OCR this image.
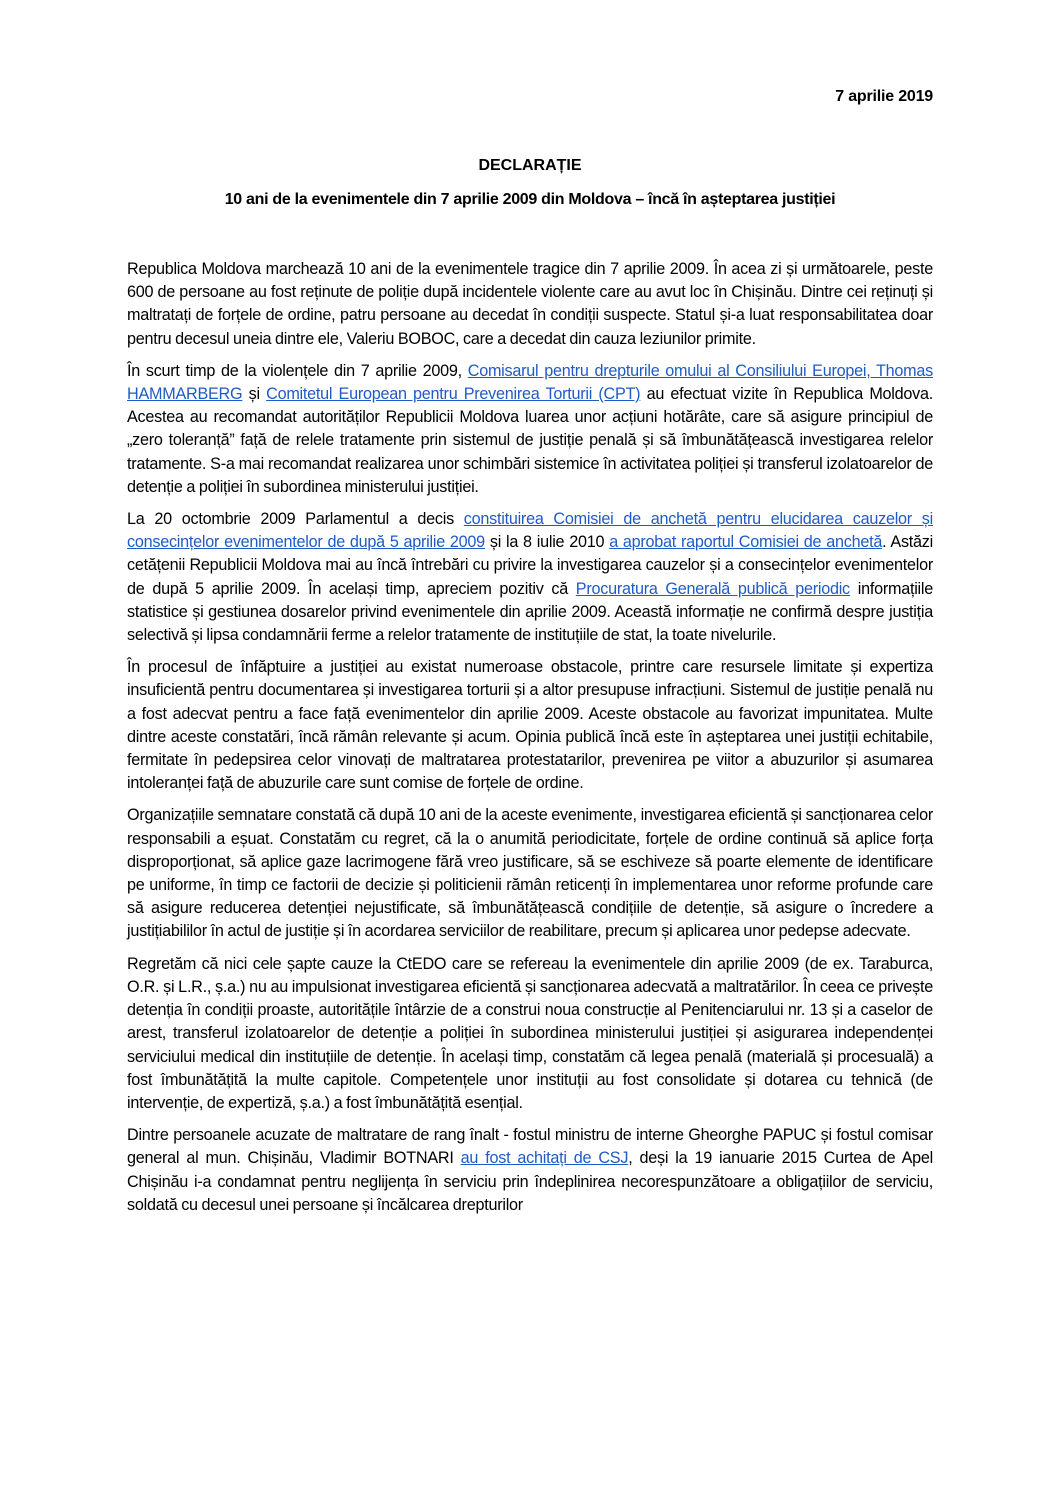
7 aprilie 2019
DECLARAȚIE
10 ani de la evenimentele din 7 aprilie 2009 din Moldova – încă în așteptarea justiției

Republica Moldova marchează 10 ani de la evenimentele tragice din 7 aprilie 2009. În acea zi și următoarele, peste 600 de persoane au fost reținute de poliție după incidentele violente care au avut loc în Chișinău. Dintre cei reținuți și maltratați de forțele de ordine, patru persoane au decedat în condiții suspecte. Statul și-a luat responsabilitatea doar pentru decesul uneia dintre ele, Valeriu BOBOC, care a decedat din cauza leziunilor primite.

În scurt timp de la violențele din 7 aprilie 2009, Comisarul pentru drepturile omului al Consiliului Europei, Thomas HAMMARBERG și Comitetul European pentru Prevenirea Torturii (CPT) au efectuat vizite în Republica Moldova. Acestea au recomandat autorităților Republicii Moldova luarea unor acțiuni hotărâte, care să asigure principiul de „zero toleranță” față de relele tratamente prin sistemul de justiție penală și să îmbunătățească investigarea relelor tratamente. S-a mai recomandat realizarea unor schimbări sistemice în activitatea poliției și transferul izolatoarelor de detenție a poliției în subordinea ministerului justiției.

La 20 octombrie 2009 Parlamentul a decis constituirea Comisiei de anchetă pentru elucidarea cauzelor și consecințelor evenimentelor de după 5 aprilie 2009 și la 8 iulie 2010 a aprobat raportul Comisiei de anchetă. Astăzi cetățenii Republicii Moldova mai au încă întrebări cu privire la investigarea cauzelor și a consecințelor evenimentelor de după 5 aprilie 2009. În același timp, apreciem pozitiv că Procuratura Generală publică periodic informațiile statistice și gestiunea dosarelor privind evenimentele din aprilie 2009. Această informație ne confirmă despre justiția selectivă și lipsa condamnării ferme a relelor tratamente de instituțiile de stat, la toate nivelurile.

În procesul de înfăptuire a justiției au existat numeroase obstacole, printre care resursele limitate și expertiza insuficientă pentru documentarea și investigarea torturii și a altor presupuse infracțiuni. Sistemul de justiție penală nu a fost adecvat pentru a face față evenimentelor din aprilie 2009. Aceste obstacole au favorizat impunitatea. Multe dintre aceste constatări, încă rămân relevante și acum. Opinia publică încă este în așteptarea unei justiții echitabile, fermitate în pedepsirea celor vinovați de maltratarea protestatarilor, prevenirea pe viitor a abuzurilor și asumarea intoleranței față de abuzurile care sunt comise de forțele de ordine.

Organizațiile semnatare constată că după 10 ani de la aceste evenimente, investigarea eficientă și sancționarea celor responsabili a eșuat. Constatăm cu regret, că la o anumită periodicitate, forțele de ordine continuă să aplice forța disproporționat, să aplice gaze lacrimogene fără vreo justificare, să se eschiveze să poarte elemente de identificare pe uniforme, în timp ce factorii de decizie și politicienii rămân reticenți în implementarea unor reforme profunde care să asigure reducerea detenției nejustificate, să îmbunătățească condițiile de detenție, să asigure o încredere a justițiabililor în actul de justiție și în acordarea serviciilor de reabilitare, precum și aplicarea unor pedepse adecvate.

Regretăm că nici cele șapte cauze la CtEDO care se refereau la evenimentele din aprilie 2009 (de ex. Taraburca, O.R. și L.R., ș.a.) nu au impulsionat investigarea eficientă și sancționarea adecvată a maltratărilor. În ceea ce privește detenția în condiții proaste, autoritățile întârzie de a construi noua construcție al Penitenciarului nr. 13 și a caselor de arest, transferul izolatoarelor de detenție a poliției în subordinea ministerului justiției și asigurarea independenței serviciului medical din instituțiile de detenție. În același timp, constatăm că legea penală (materială și procesuală) a fost îmbunătățită la multe capitole. Competențele unor instituții au fost consolidate și dotarea cu tehnică (de intervenție, de expertiză, ș.a.) a fost îmbunătățită esențial.

Dintre persoanele acuzate de maltratare de rang înalt - fostul ministru de interne Gheorghe PAPUC și fostul comisar general al mun. Chișinău, Vladimir BOTNARI au fost achitați de CSJ, deși la 19 ianuarie 2015 Curtea de Apel Chișinău i-a condamnat pentru neglijența în serviciu prin îndeplinirea necorespunzătoare a obligațiilor de serviciu, soldată cu decesul unei persoane și încălcarea drepturilor
